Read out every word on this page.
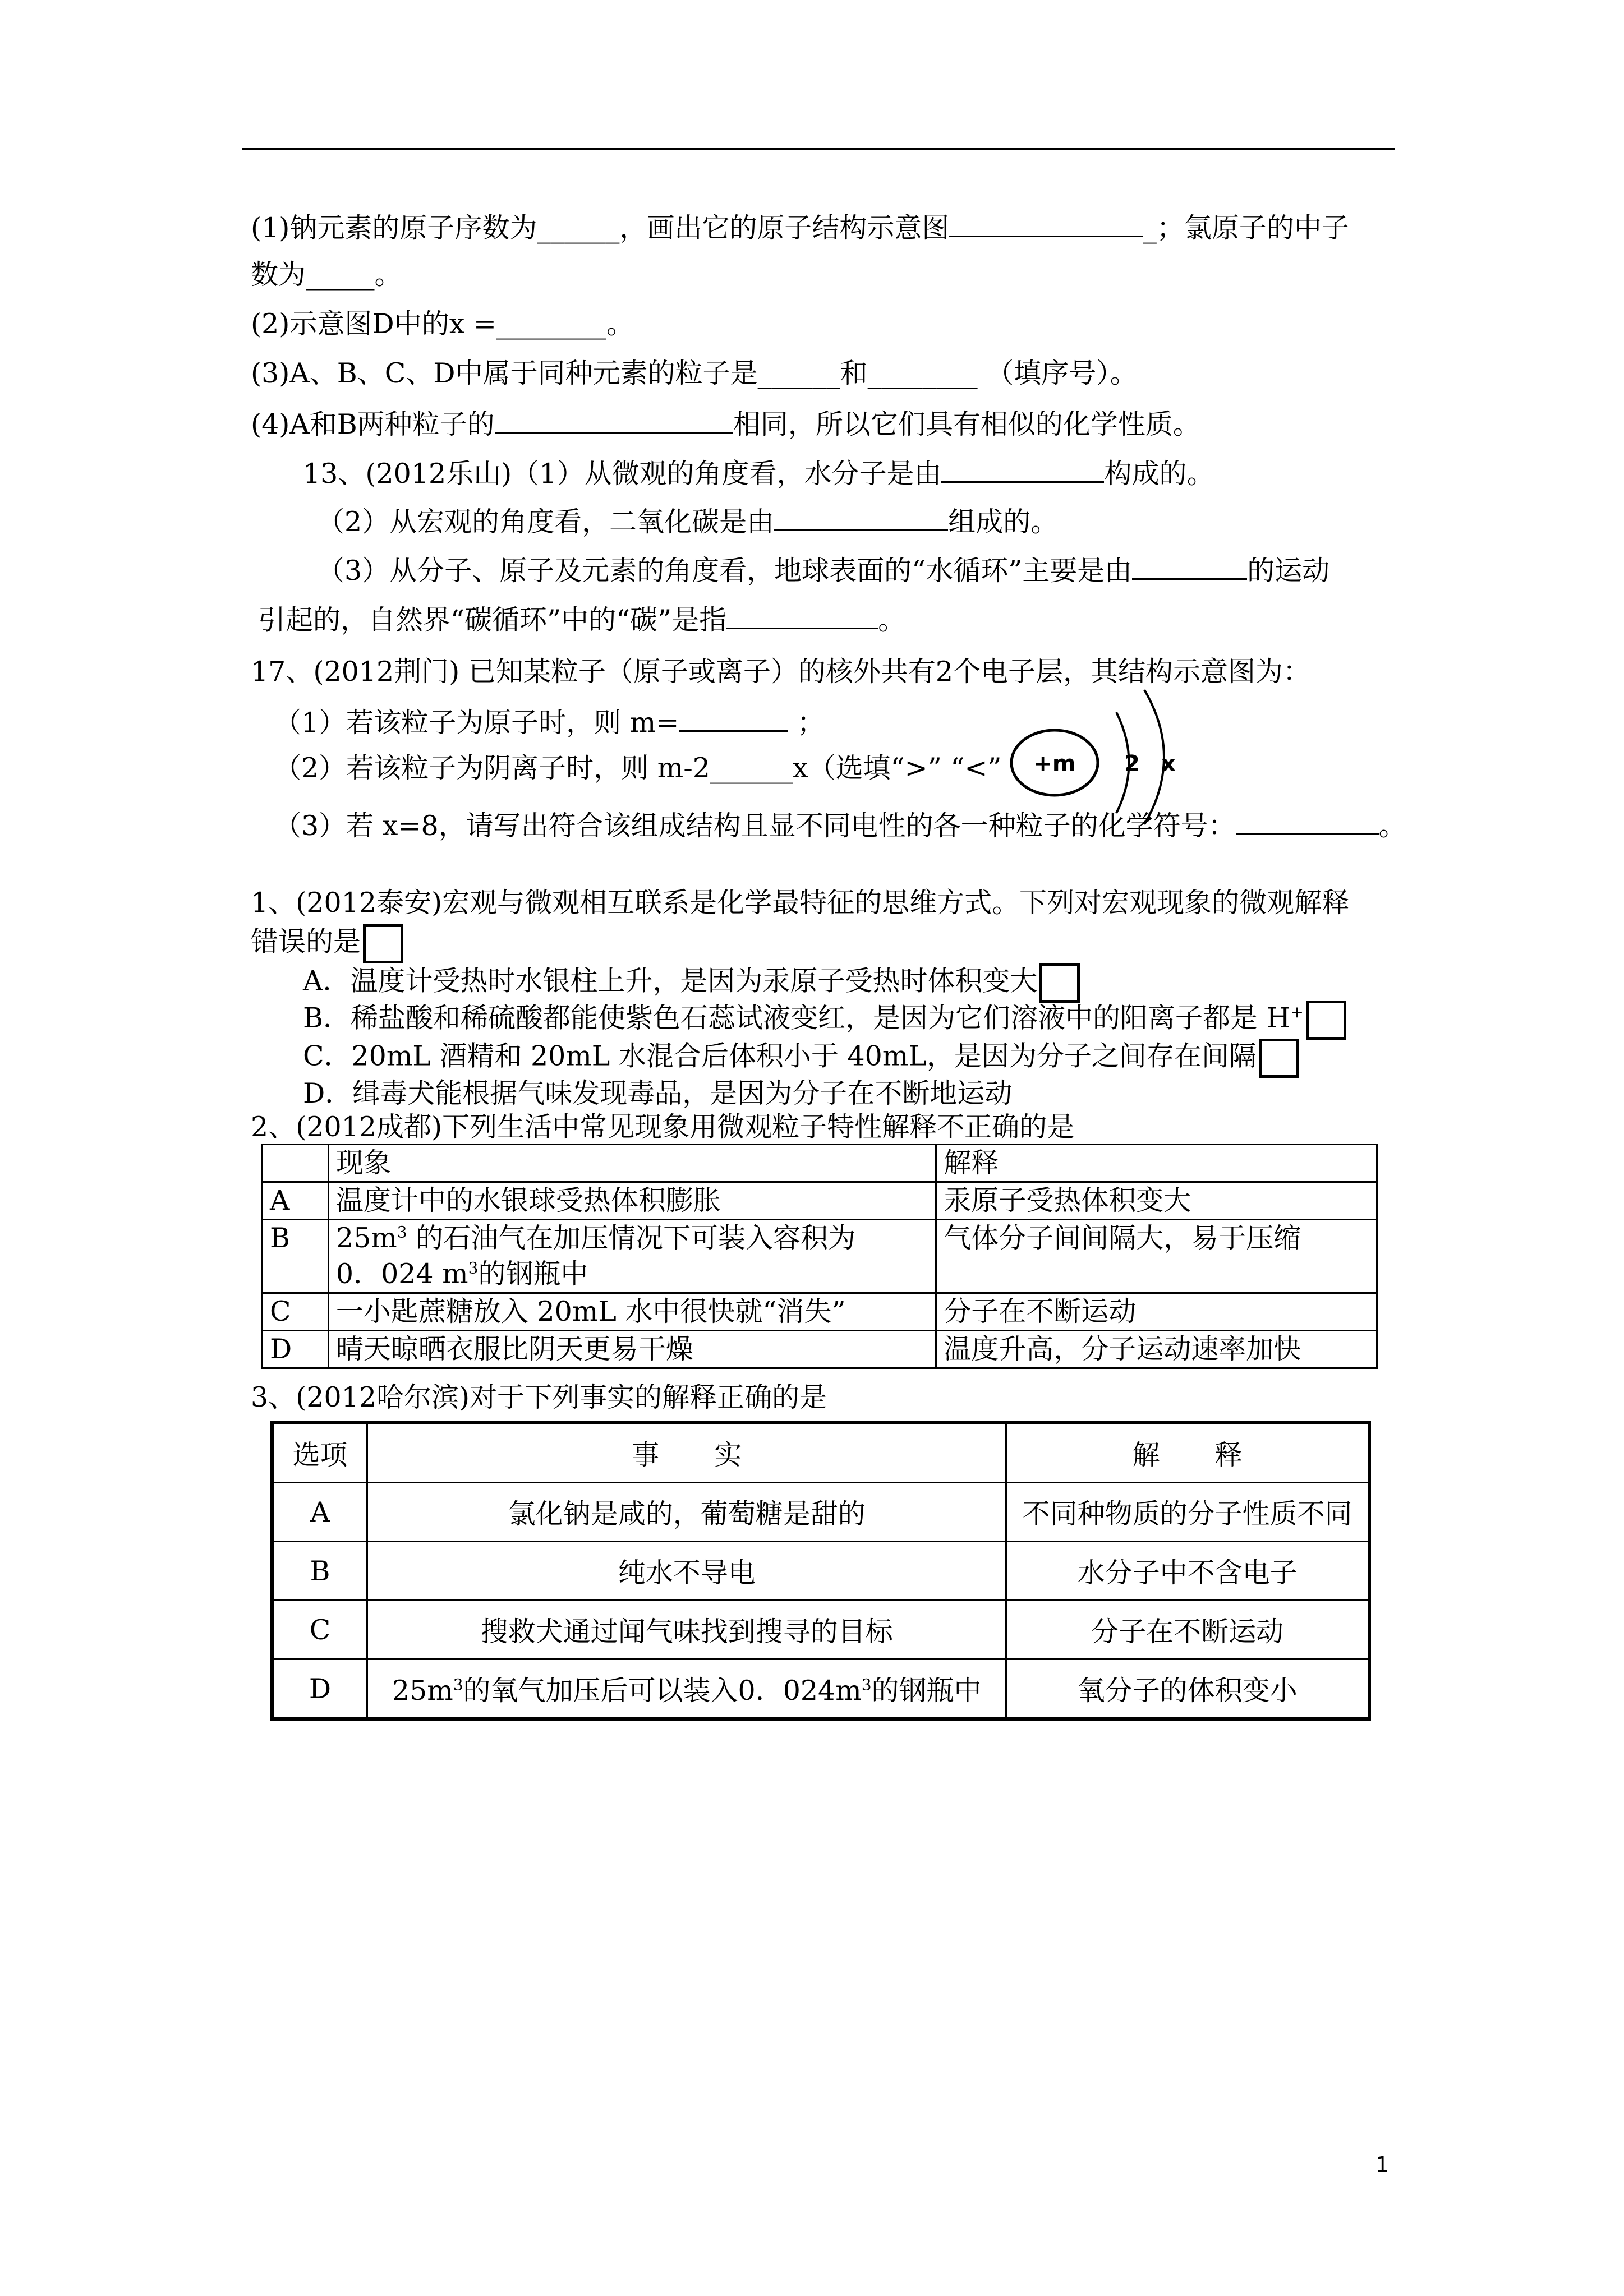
(1)钠元素的原子序数为______，画出它的原子结构示意图	_；氯原子的中子
数为_____。
(2)示意图D中的x =________。
(3)A、B、C、D中属于同种元素的粒子是______和________ （填序号）。
(4)A和B两种粒子的	相同，所以它们具有相似的化学性质。
13、(2012乐山)（1）从微观的角度看，水分子是由	构成的。
（2）从宏观的角度看，二氧化碳是由	组成的。
（3）从分子、原子及元素的角度看，地球表面的“水循环”主要是由	的运动
引起的，自然界“碳循环”中的“碳”是指	。
17、(2012荆门) 已知某粒子（原子或离子）的核外共有2个电子层，其结构示意图为：
（1）若该粒子为原子时，则 m=	；
（2）若该粒子为阴离子时，则 m-2______x（选填“>” “<”
（3）若 x=8，请写出符合该组成结构且显不同电性的各一种粒子的化学符号：	。
+m 2 x
1、(2012泰安)宏观与微观相互联系是化学最特征的思维方式。下列对宏观现象的微观解释
错误的是
A．温度计受热时水银柱上升，是因为汞原子受热时体积变大
B．稀盐酸和稀硫酸都能使紫色石蕊试液变红，是因为它们溶液中的阳离子都是 H+
C．20mL 酒精和 20mL 水混合后体积小于 40mL，是因为分子之间存在间隔
D．缉毒犬能根据气味发现毒品，是因为分子在不断地运动
2、(2012成都)下列生活中常见现象用微观粒子特性解释不正确的是
	现象	解释
A	温度计中的水银球受热体积膨胀	汞原子受热体积变大
B	$25m^3$ 的石油气在加压情况下可装入容积为
0．024 $m^3$的钢瓶中	气体分子间间隔大，易于压缩
C	一小匙蔗糖放入 20mL 水中很快就“消失”	分子在不断运动
D	晴天晾晒衣服比阴天更易干燥	温度升高，分子运动速率加快
3、(2012哈尔滨)对于下列事实的解释正确的是
选项	事　　实	解　　释
A	氯化钠是咸的，葡萄糖是甜的	不同种物质的分子性质不同
B	纯水不导电	水分子中不含电子
C	搜救犬通过闻气味找到搜寻的目标	分子在不断运动
D	$25m^3$的氧气加压后可以装入0．$024m^3$的钢瓶中	氧分子的体积变小
1
